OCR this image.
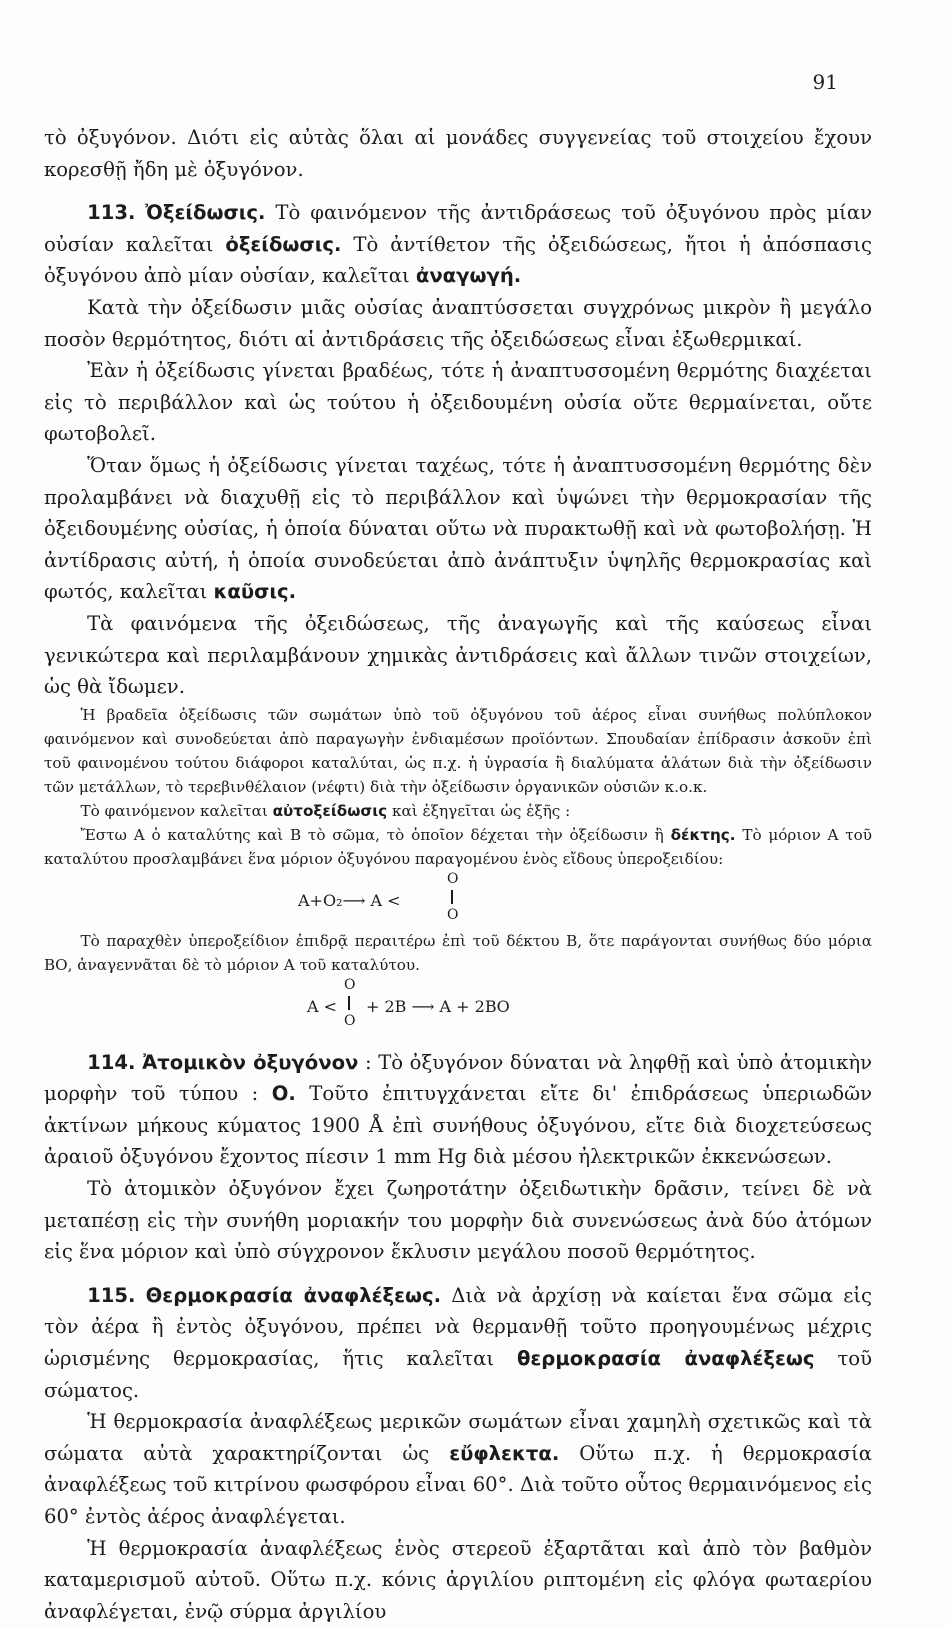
91

τὸ ὀξυγόνον. Διότι εἰς αὐτὰς ὅλαι αἱ μονάδες συγγενείας τοῦ στοιχείου ἔχουν κορεσθῇ ἤδη μὲ ὀξυγόνον.

113. Ὀξείδωσις. Τὸ φαινόμενον τῆς ἀντιδράσεως τοῦ ὀξυγόνου πρὸς μίαν οὐσίαν καλεῖται ὀξείδωσις. Τὸ ἀντίθετον τῆς ὀξειδώσεως, ἤτοι ἡ ἀπόσπασις ὀξυγόνου ἀπὸ μίαν οὐσίαν, καλεῖται ἀναγωγή.

Κατὰ τὴν ὀξείδωσιν μιᾶς οὐσίας ἀναπτύσσεται συγχρόνως μικρὸν ἢ μεγάλο ποσὸν θερμότητος, διότι αἱ ἀντιδράσεις τῆς ὀξειδώσεως εἶναι ἐξωθερμικαί.

Ἐὰν ἡ ὀξείδωσις γίνεται βραδέως, τότε ἡ ἀναπτυσσομένη θερμότης διαχέεται εἰς τὸ περιβάλλον καὶ ὡς τούτου ἡ ὀξειδουμένη οὐσία οὔτε θερμαίνεται, οὔτε φωτοβολεῖ.

Ὅταν ὅμως ἡ ὀξείδωσις γίνεται ταχέως, τότε ἡ ἀναπτυσσομένη θερμότης δὲν προλαμβάνει νὰ διαχυθῇ εἰς τὸ περιβάλλον καὶ ὑψώνει τὴν θερμοκρασίαν τῆς ὀξειδουμένης οὐσίας, ἡ ὁποία δύναται οὕτω νὰ πυρακτωθῇ καὶ νὰ φωτοβολήσῃ. Ἡ ἀντίδρασις αὐτή, ἡ ὁποία συνοδεύεται ἀπὸ ἀνάπτυξιν ὑψηλῆς θερμοκρασίας καὶ φωτός, καλεῖται καῦσις.

Τὰ φαινόμενα τῆς ὀξειδώσεως, τῆς ἀναγωγῆς καὶ τῆς καύσεως εἶναι γενικώτερα καὶ περιλαμβάνουν χημικὰς ἀντιδράσεις καὶ ἄλλων τινῶν στοιχείων, ὡς θὰ ἴδωμεν.

Ἡ βραδεῖα ὀξείδωσις τῶν σωμάτων ὑπὸ τοῦ ὀξυγόνου τοῦ ἀέρος εἶναι συνήθως πολύπλοκον φαινόμενον καὶ συνοδεύεται ἀπὸ παραγωγὴν ἐνδιαμέσων προϊόντων. Σπουδαίαν ἐπίδρασιν ἀσκοῦν ἐπὶ τοῦ φαινομένου τούτου διάφοροι καταλύται, ὡς π.χ. ἡ ὑγρασία ἢ διαλύματα ἁλάτων διὰ τὴν ὀξείδωσιν τῶν μετάλλων, τὸ τερεβινθέλαιον (νέφτι) διὰ τὴν ὀξείδωσιν ὀργανικῶν οὐσιῶν κ.ο.κ.

Τὸ φαινόμενον καλεῖται αὐτοξείδωσις καὶ ἐξηγεῖται ὡς ἑξῆς :

Ἔστω Α ὁ καταλύτης καὶ Β τὸ σῶμα, τὸ ὁποῖον δέχεται τὴν ὀξείδωσιν ἢ δέκτης. Τὸ μόριον Α τοῦ καταλύτου προσλαμβάνει ἕνα μόριον ὀξυγόνου παραγομένου ἑνὸς εἴδους ὑπεροξειδίου:

Α+Ο₂⟶ Α <
Ο
Ο

Τὸ παραχθὲν ὑπεροξείδιον ἐπιδρᾷ περαιτέρω ἐπὶ τοῦ δέκτου Β, ὅτε παράγονται συνήθως δύο μόρια ΒΟ, ἀναγεννᾶται δὲ τὸ μόριον Α τοῦ καταλύτου.

Α <
Ο
Ο
+ 2Β ⟶ Α + 2ΒΟ

114. Ἀτομικὸν ὀξυγόνον : Τὸ ὀξυγόνον δύναται νὰ ληφθῇ καὶ ὑπὸ ἀτομικὴν μορφὴν τοῦ τύπου : Ο. Τοῦτο ἐπιτυγχάνεται εἴτε δι' ἐπιδράσεως ὑπεριωδῶν ἀκτίνων μήκους κύματος 1900 Å ἐπὶ συνήθους ὀξυγόνου, εἴτε διὰ διοχετεύσεως ἀραιοῦ ὀξυγόνου ἔχοντος πίεσιν 1 mm Hg διὰ μέσου ἠλεκτρικῶν ἐκκενώσεων.

Τὸ ἀτομικὸν ὀξυγόνον ἔχει ζωηροτάτην ὀξειδωτικὴν δρᾶσιν, τείνει δὲ νὰ μεταπέσῃ εἰς τὴν συνήθη μοριακήν του μορφὴν διὰ συνενώσεως ἀνὰ δύο ἀτόμων εἰς ἕνα μόριον καὶ ὑπὸ σύγχρονον ἔκλυσιν μεγάλου ποσοῦ θερμότητος.

115. Θερμοκρασία ἀναφλέξεως. Διὰ νὰ ἀρχίσῃ νὰ καίεται ἕνα σῶμα εἰς τὸν ἀέρα ἢ ἐντὸς ὀξυγόνου, πρέπει νὰ θερμανθῇ τοῦτο προηγουμένως μέχρις ὡρισμένης θερμοκρασίας, ἥτις καλεῖται θερμοκρασία ἀναφλέξεως τοῦ σώματος.

Ἡ θερμοκρασία ἀναφλέξεως μερικῶν σωμάτων εἶναι χαμηλὴ σχετικῶς καὶ τὰ σώματα αὐτὰ χαρακτηρίζονται ὡς εὔφλεκτα. Οὕτω π.χ. ἡ θερμοκρασία ἀναφλέξεως τοῦ κιτρίνου φωσφόρου εἶναι 60°. Διὰ τοῦτο οὗτος θερμαινόμενος εἰς 60° ἐντὸς ἀέρος ἀναφλέγεται.

Ἡ θερμοκρασία ἀναφλέξεως ἑνὸς στερεοῦ ἐξαρτᾶται καὶ ἀπὸ τὸν βαθμὸν καταμερισμοῦ αὐτοῦ. Οὕτω π.χ. κόνις ἀργιλίου ριπτομένη εἰς φλόγα φωταερίου ἀναφλέγεται, ἐνῷ σύρμα ἀργιλίου
